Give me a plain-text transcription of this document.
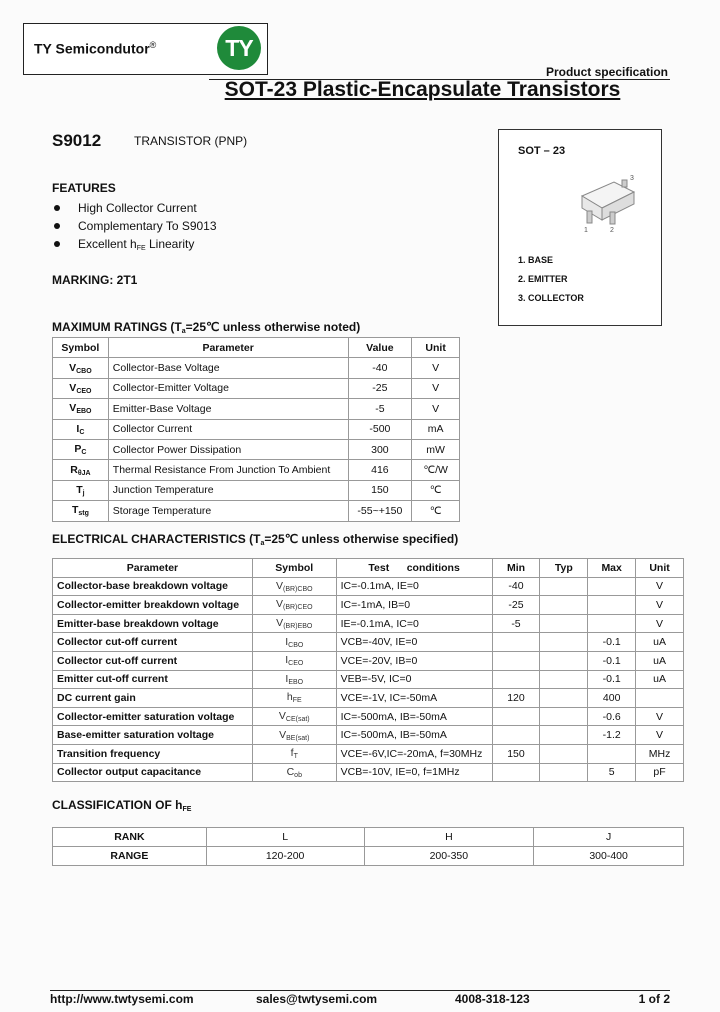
TY Semicondutor®	TY
Product specification
SOT-23 Plastic-Encapsulate Transistors
S9012	TRANSISTOR (PNP)
SOT – 23
3
1	2
1. BASE
2. EMITTER
3. COLLECTOR
FEATURES
High Collector Current
Complementary To S9013
Excellent $h_{FE}$ Linearity
MARKING: 2T1
MAXIMUM RATINGS ($T_a=25℃$ unless otherwise noted)
Symbol	Parameter	Value	Unit
$V_{CBO}$	Collector-Base Voltage	-40	V
$V_{CEO}$	Collector-Emitter Voltage	-25	V
$V_{EBO}$	Emitter-Base Voltage	-5	V
$I_C$	Collector Current	-500	mA
$P_C$	Collector Power Dissipation	300	mW
$R_{\theta JA}$	Thermal Resistance From Junction To Ambient	416	℃/W
$T_j$	Junction Temperature	150	℃
$T_{stg}$	Storage Temperature	-55~+150	℃
ELECTRICAL CHARACTERISTICS ($T_a=25℃$ unless otherwise specified)
Parameter	Symbol	Test      conditions	Min	Typ	Max	Unit
Collector-base breakdown voltage	$V_{(BR)CBO}$	IC=-0.1mA, IE=0	-40			V
Collector-emitter breakdown voltage	$V_{(BR)CEO}$	IC=-1mA, IB=0	-25			V
Emitter-base breakdown voltage	$V_{(BR)EBO}$	IE=-0.1mA, IC=0	-5			V
Collector cut-off current	$I_{CBO}$	VCB=-40V, IE=0			-0.1	uA
Collector cut-off current	$I_{CEO}$	VCE=-20V, IB=0			-0.1	uA
Emitter cut-off current	$I_{EBO}$	VEB=-5V, IC=0			-0.1	uA
DC current gain	$h_{FE}$	VCE=-1V, IC=-50mA	120		400	
Collector-emitter saturation voltage	$V_{CE(sat)}$	IC=-500mA, IB=-50mA			-0.6	V
Base-emitter saturation voltage	$V_{BE(sat)}$	IC=-500mA, IB=-50mA			-1.2	V
Transition frequency	$f_T$	VCE=-6V,IC=-20mA, f=30MHz	150			MHz
Collector output capacitance	$C_{ob}$	VCB=-10V, IE=0, f=1MHz			5	pF
CLASSIFICATION OF $h_{FE}$
RANK	L	H	J
RANGE	120-200	200-350	300-400
http://www.twtysemi.com	sales@twtysemi.com	4008-318-123	1 of 2
